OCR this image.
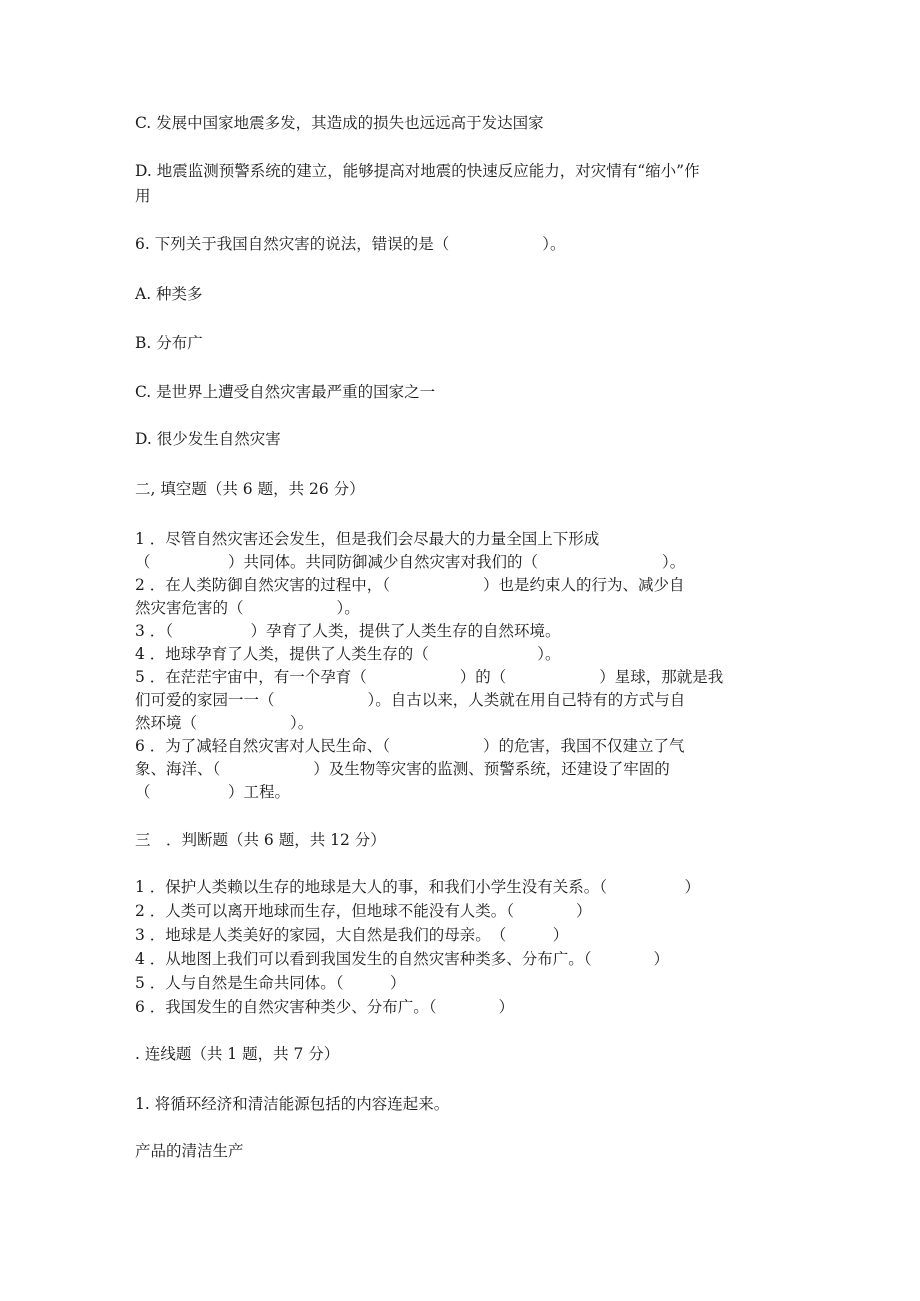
C. 发展中国家地震多发，其造成的损失也远远高于发达国家
D. 地震监测预警系统的建立，能够提高对地震的快速反应能力，对灾情有“缩小”作
用
6. 下列关于我国自然灾害的说法，错误的是（　　　　　　）。
A. 种类多
B. 分布广
C. 是世界上遭受自然灾害最严重的国家之一
D. 很少发生自然灾害
二, 填空题（共 6 题，共 26 分）
1 ．尽管自然灾害还会发生，但是我们会尽最大的力量全国上下形成
（　　　　　）共同体。共同防御减少自然灾害对我们的（　　　　　　　　）。
2 ．在人类防御自然灾害的过程中，（　　　　　　）也是约束人的行为、减少自
然灾害危害的（　　　　　　）。
3 ．（　　　　　）孕育了人类，提供了人类生存的自然环境。
4 ．地球孕育了人类，提供了人类生存的（　　　　　　　）。
5 ．在茫茫宇宙中，有一个孕育（　　　　　　）的（　　　　　　）星球，那就是我
们可爱的家园一一（　　　　　　）。自古以来，人类就在用自己特有的方式与自
然环境（　　　　　　）。
6 ．为了减轻自然灾害对人民生命、（　　　　　　）的危害，我国不仅建立了气
象、海洋、（　　　　　　）及生物等灾害的监测、预警系统，还建设了牢固的
（　　　　　）工程。
三　．判断题（共 6 题，共 12 分）
1 ．保护人类赖以生存的地球是大人的事，和我们小学生没有关系。（　　　　　）
2 ．人类可以离开地球而生存，但地球不能没有人类。（　　　　）
3 ．地球是人类美好的家园，大自然是我们的母亲。　（　　　）
4 ．从地图上我们可以看到我国发生的自然灾害种类多、分布广。（　　　　）
5 ．人与自然是生命共同体。（　　　）
6 ．我国发生的自然灾害种类少、分布广。（　　　　）
. 连线题（共 1 题，共 7 分）
1. 将循环经济和清洁能源包括的内容连起来。
产品的清洁生产
